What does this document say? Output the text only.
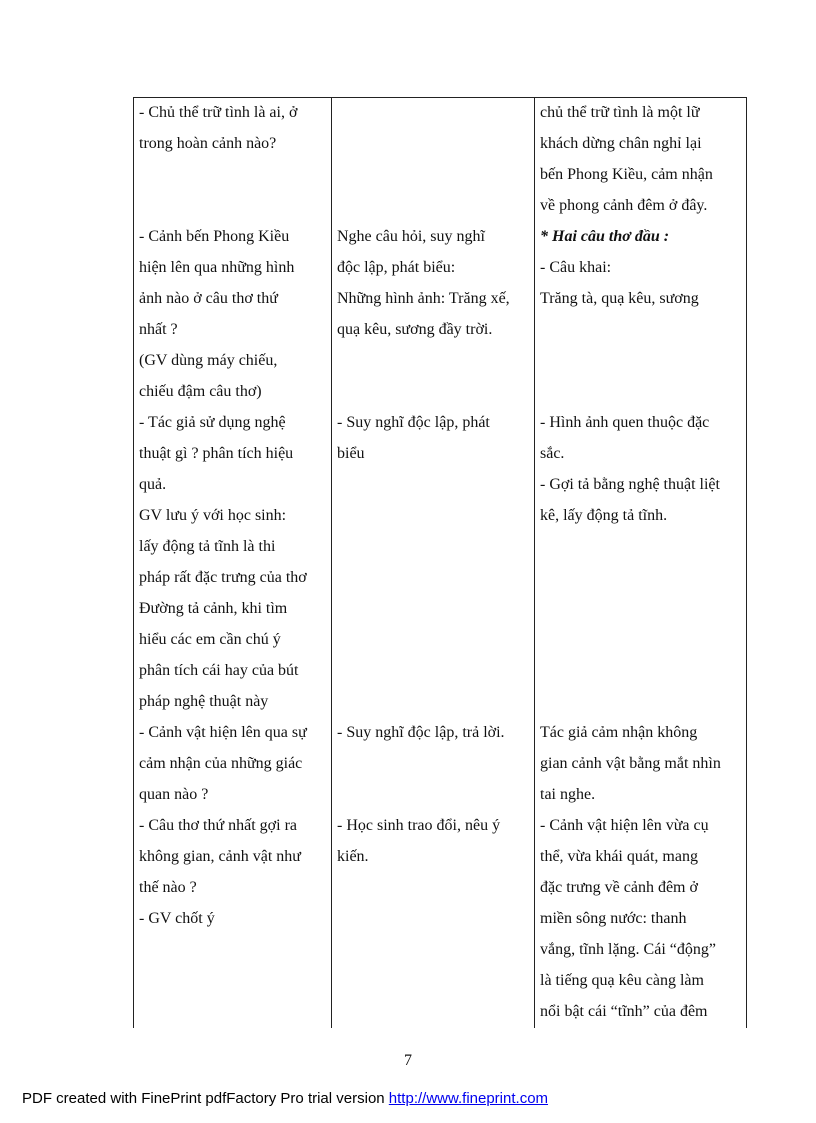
- Chủ thể trữ tình là ai, ở
trong hoàn cảnh nào?
- Cảnh bến Phong Kiều
hiện lên qua những hình
ảnh nào ở câu thơ thứ
nhất ?
(GV dùng máy chiếu,
chiếu đậm câu thơ)
- Tác giả sử dụng nghệ
thuật gì ? phân tích hiệu
quả.
GV lưu ý với học sinh:
lấy động tả tĩnh là thi
pháp rất đặc trưng của thơ
Đường tả cảnh, khi tìm
hiểu các em cần chú ý
phân tích cái hay của bút
pháp nghệ thuật này
- Cảnh vật hiện lên qua sự
cảm nhận của những giác
quan nào ?
- Câu thơ thứ nhất gợi ra
không gian, cảnh vật như
thế nào ?
- GV chốt ý
Nghe câu hỏi, suy nghĩ
độc lập, phát biểu:
Những hình ảnh: Trăng xế,
quạ kêu, sương đầy trời.
- Suy nghĩ độc lập, phát
biểu
- Suy nghĩ độc lập, trả lời.
- Học sinh trao đổi, nêu ý
kiến.
chủ thể trữ tình là một lữ
khách dừng chân nghỉ lại
bến Phong Kiều, cảm nhận
về phong cảnh đêm ở đây.
* Hai câu thơ đầu :
- Câu khai:
Trăng tà, quạ kêu, sương
- Hình ảnh quen thuộc đặc
sắc.
- Gợi tả bằng nghệ thuật liệt
kê, lấy động tả tĩnh.
Tác giả cảm nhận không
gian cảnh vật bằng mắt nhìn
tai nghe.
- Cảnh vật hiện lên vừa cụ
thể, vừa khái quát, mang
đặc trưng về cảnh đêm ở
miền sông nước: thanh
vắng, tĩnh lặng. Cái “động”
là tiếng quạ kêu càng làm
nổi bật cái “tĩnh” của đêm
7
PDF created with FinePrint pdfFactory Pro trial version http://www.fineprint.com
